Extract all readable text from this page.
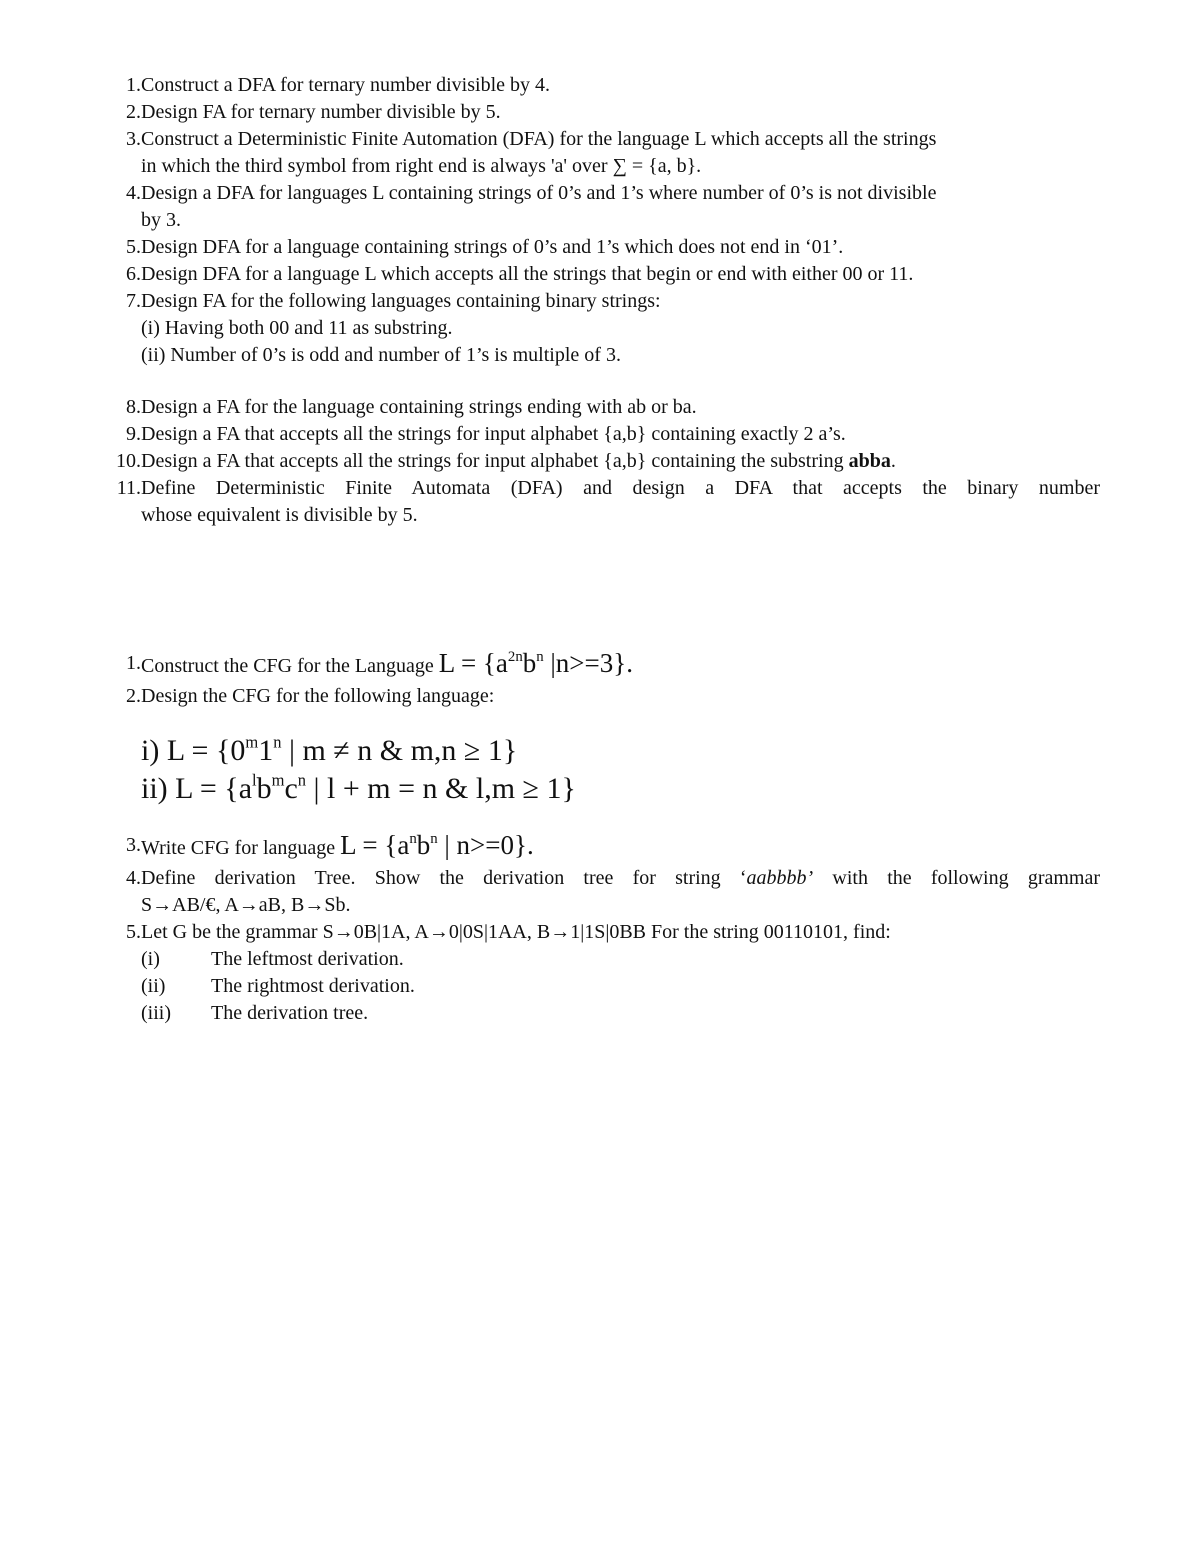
1. Construct a DFA for ternary number divisible by 4.
2. Design FA for ternary number divisible by 5.
3. Construct a Deterministic Finite Automation (DFA) for the language L which accepts all the strings
in which the third symbol from right end is always 'a' over ∑ = {a, b}.
4. Design a DFA for languages L containing strings of 0’s and 1’s where number of 0’s is not divisible
by 3.
5. Design DFA for a language containing strings of 0’s and 1’s which does not end in ‘01’.
6. Design DFA for a language L which accepts all the strings that begin or end with either 00 or 11.
7. Design FA for the following languages containing binary strings:
(i) Having both 00 and 11 as substring.
(ii) Number of 0’s is odd and number of 1’s is multiple of 3.
8. Design a FA for the language containing strings ending with ab or ba.
9. Design a FA that accepts all the strings for input alphabet {a,b} containing exactly 2 a’s.
10. Design a FA that accepts all the strings for input alphabet {a,b} containing the substring abba.
11. Define Deterministic Finite Automata (DFA) and design a DFA that accepts the binary number
whose equivalent is divisible by 5.
1. Construct the CFG for the Language $L = \{a^{2n}b^n$ |n>=3}.
2. Design the CFG for the following language:
i) $L = \{0^m1^n$ | m ≠ n & m,n ≥ 1}
ii) $L = \{a^lb^mc^n$ | l + m = n & l,m ≥ 1}
3. Write CFG for language $L = \{a^nb^n$ | n>=0}.
4. Define derivation Tree. Show the derivation tree for string ‘aabbbb’ with the following grammar
S→AB/€, A→aB, B→Sb.
5. Let G be the grammar S→0B|1A, A→0|0S|1AA, B→1|1S|0BB For the string 00110101, find:
(i)	The leftmost derivation.
(ii)	The rightmost derivation.
(iii)	The derivation tree.
